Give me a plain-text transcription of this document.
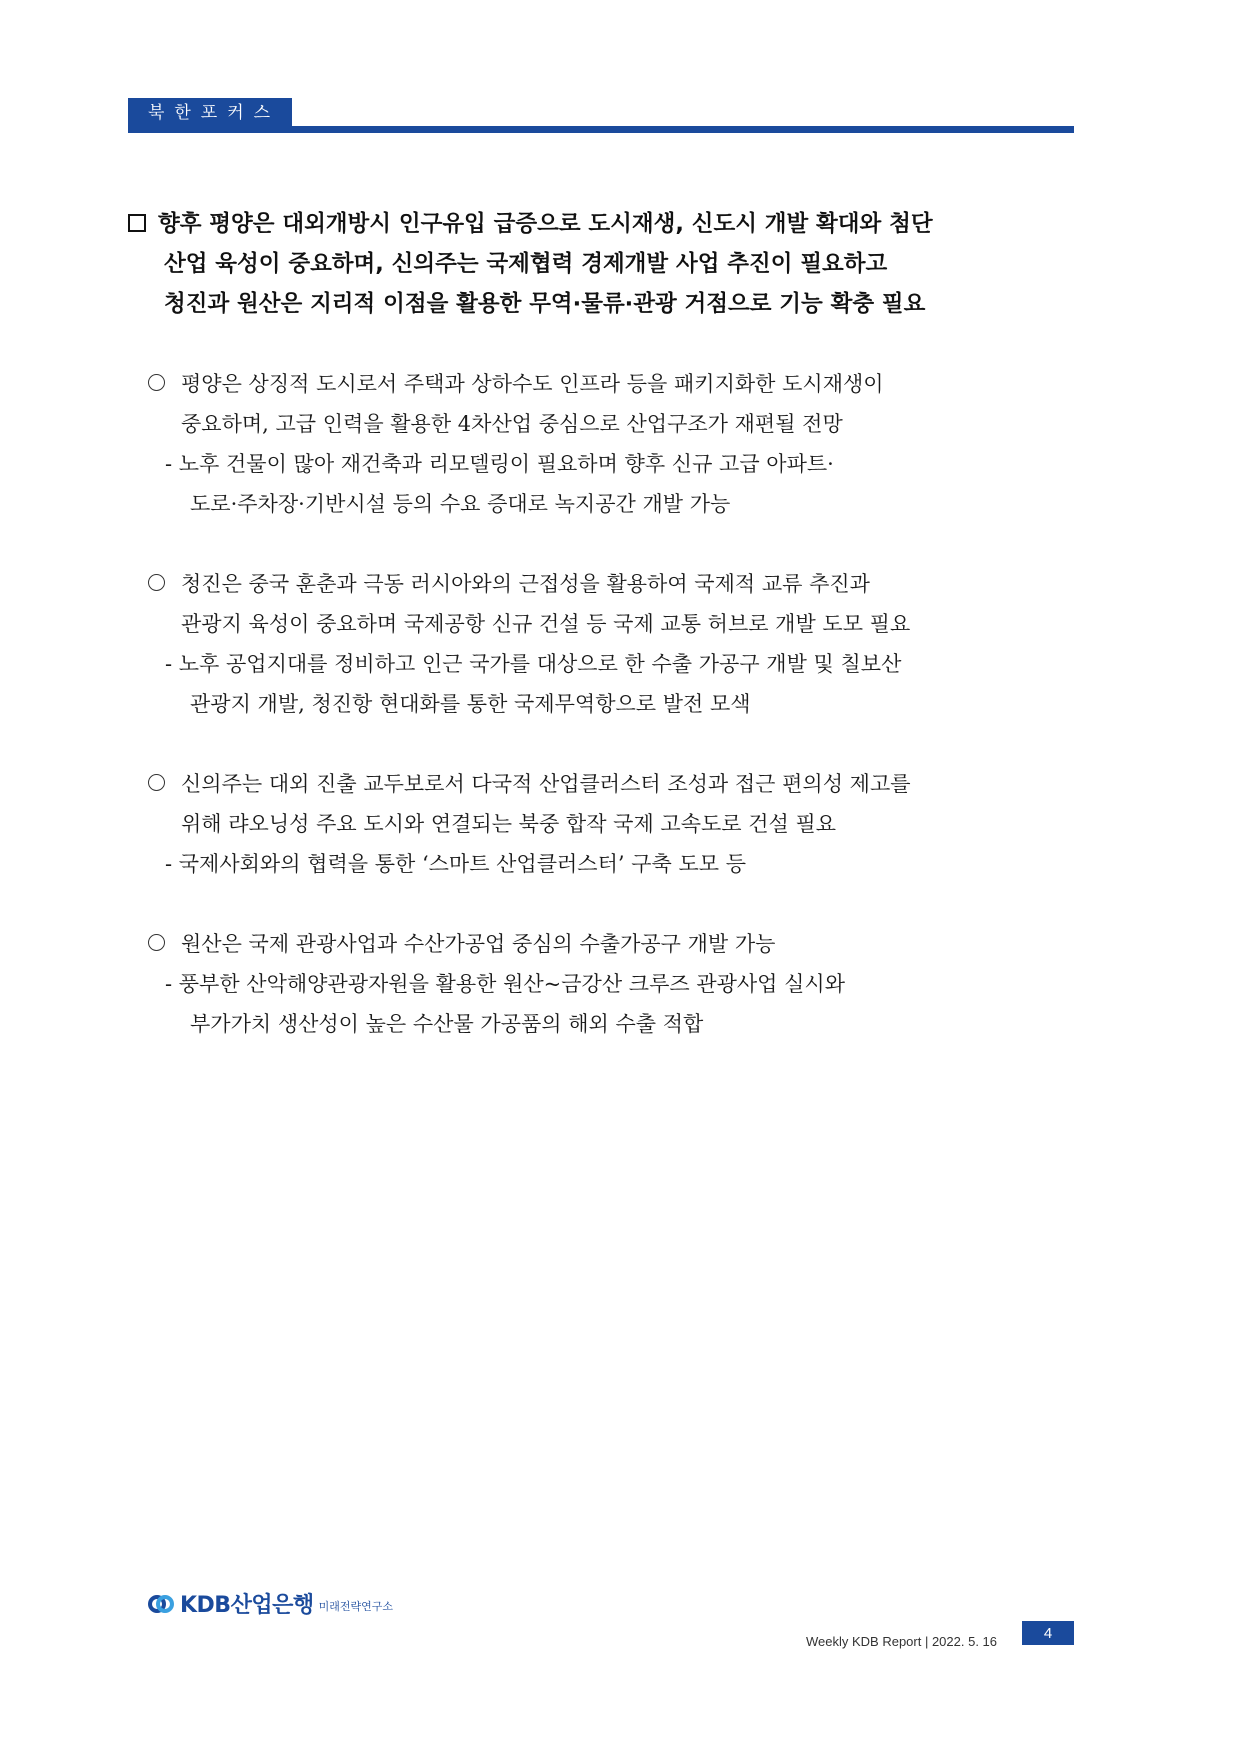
북한포커스
향후 평양은 대외개방시 인구유입 급증으로 도시재생, 신도시 개발 확대와 첨단
산업 육성이 중요하며, 신의주는 국제협력 경제개발 사업 추진이 필요하고
청진과 원산은 지리적 이점을 활용한 무역·물류·관광 거점으로 기능 확충 필요
평양은 상징적 도시로서 주택과 상하수도 인프라 등을 패키지화한 도시재생이
중요하며, 고급 인력을 활용한 4차산업 중심으로 산업구조가 재편될 전망
- 노후 건물이 많아 재건축과 리모델링이 필요하며 향후 신규 고급 아파트·
도로·주차장·기반시설 등의 수요 증대로 녹지공간 개발 가능
청진은 중국 훈춘과 극동 러시아와의 근접성을 활용하여 국제적 교류 추진과
관광지 육성이 중요하며 국제공항 신규 건설 등 국제 교통 허브로 개발 도모 필요
- 노후 공업지대를 정비하고 인근 국가를 대상으로 한 수출 가공구 개발 및 칠보산
관광지 개발, 청진항 현대화를 통한 국제무역항으로 발전 모색
신의주는 대외 진출 교두보로서 다국적 산업클러스터 조성과 접근 편의성 제고를
위해 랴오닝성 주요 도시와 연결되는 북중 합작 국제 고속도로 건설 필요
- 국제사회와의 협력을 통한 ‘스마트 산업클러스터’ 구축 도모 등
원산은 국제 관광사업과 수산가공업 중심의 수출가공구 개발 가능
- 풍부한 산악해양관광자원을 활용한 원산~금강산 크루즈 관광사업 실시와
부가가치 생산성이 높은 수산물 가공품의 해외 수출 적합
KDB산업은행 미래전략연구소
Weekly KDB Report | 2022. 5. 16	4
